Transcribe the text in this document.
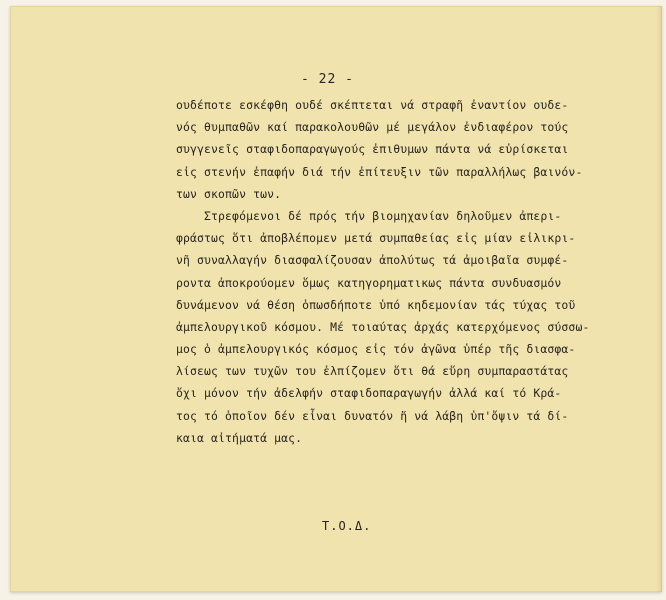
- 22 -
ουδέποτε εσκέφθη ουδέ σκέπτεται νά στραφῆ ἐναντίον ουδε-
νός θυμπαθῶν καί παρακολουθῶν μέ μεγάλον ἐνδιαφέρον τούς
συγγενεῖς σταφιδοπαραγωγούς ἐπιθυμων πάντα νά εὑρίσκεται
εἰς στενήν ἐπαφήν διά τήν ἐπίτευξιν τῶν παραλλήλως βαινόν-
των σκοπῶν των.
Στρεφόμενοι δέ πρός τήν βιομηχανίαν δηλοῦμεν ἀπερι-
φράστως ὅτι ἀποβλέπομεν μετά συμπαθείας εἰς μίαν εἰλικρι-
νῆ συναλλαγήν διασφαλίζουσαν ἀπολύτως τά ἀμοιβαῖα συμφέ-
ροντα ἀποκρούομεν ὅμως κατηγορηματικως πάντα συνδυασμόν
δυνάμενον νά θέση ὁπωσδήποτε ὑπό κηδεμονίαν τάς τύχας τοῦ
ἀμπελουργικοῦ κόσμου. Μέ τοιαύτας ἀρχάς κατερχόμενος σύσσω-
μος ὁ ἀμπελουργικός κόσμος εἰς τόν ἀγῶνα ὑπέρ τῆς διασφα-
λίσεως των τυχῶν του ἐλπίζομεν ὅτι θά εὕρη συμπαραστάτας
ὄχι μόνον τήν ἀδελφήν σταφιδοπαραγωγήν ἀλλά καί τό Κρά-
τος τό ὁποῖον δέν εἶναι δυνατόν ἤ νά λάβη ὑπ'ὄψιν τά δί-
καια αἰτήματά μας.
Τ.Ο.Δ.
